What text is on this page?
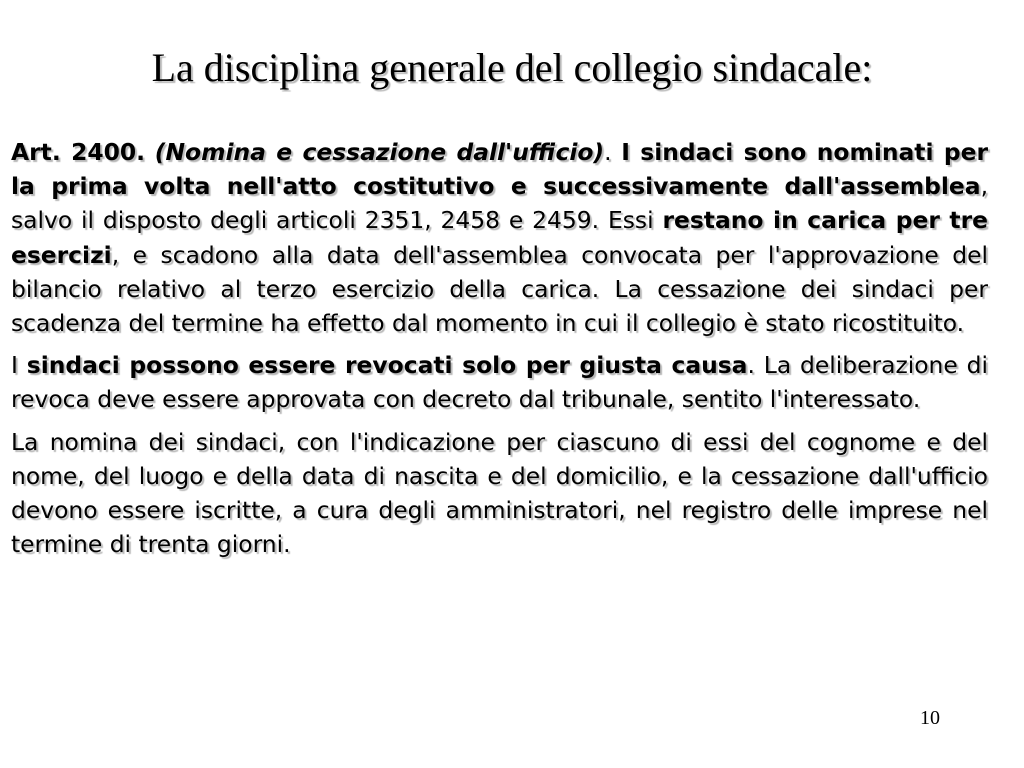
La disciplina generale del collegio sindacale:

Art. 2400. (Nomina e cessazione dall'ufficio). I sindaci sono nominati per la prima volta nell'atto costitutivo e successivamente dall'assemblea, salvo il disposto degli articoli 2351, 2458 e 2459. Essi restano in carica per tre esercizi, e scadono alla data dell'assemblea convocata per l'approvazione del bilancio relativo al terzo esercizio della carica. La cessazione dei sindaci per scadenza del termine ha effetto dal momento in cui il collegio è stato ricostituito.

I sindaci possono essere revocati solo per giusta causa. La deliberazione di revoca deve essere approvata con decreto dal tribunale, sentito l'interessato.

La nomina dei sindaci, con l'indicazione per ciascuno di essi del cognome e del nome, del luogo e della data di nascita e del domicilio, e la cessazione dall'ufficio devono essere iscritte, a cura degli amministratori, nel registro delle imprese nel termine di trenta giorni.

10
